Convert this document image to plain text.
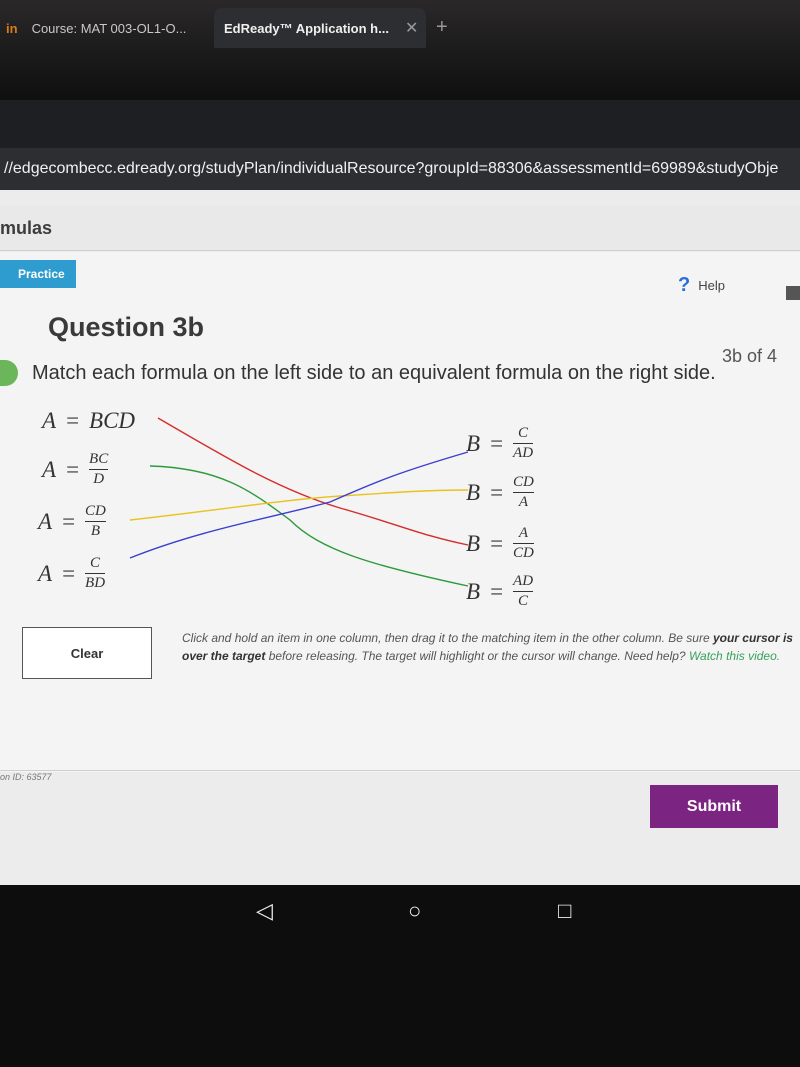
in Course: MAT 003-OL1-O...	EdReady™ Application h... ✕ +
//edgecombecc.edready.org/studyPlan/individualResource?groupId=88306&assessmentId=69989&studyObje
mulas
Practice	? Help
Question 3b
3b of 4
Match each formula on the left side to an equivalent formula on the right side.
A = BCD
$A = \frac{BC}{D}$
$A = \frac{CD}{B}$
$A = \frac{C}{BD}$
$B = \frac{C}{AD}$
$B = \frac{CD}{A}$
$B = \frac{A}{CD}$
$B = \frac{AD}{C}$
Clear
Click and hold an item in one column, then drag it to the matching item in the other column. Be sure your cursor is over the target before releasing. The target will highlight or the cursor will change. Need help? Watch this video.
on ID: 63577
Submit
◁	○	□
